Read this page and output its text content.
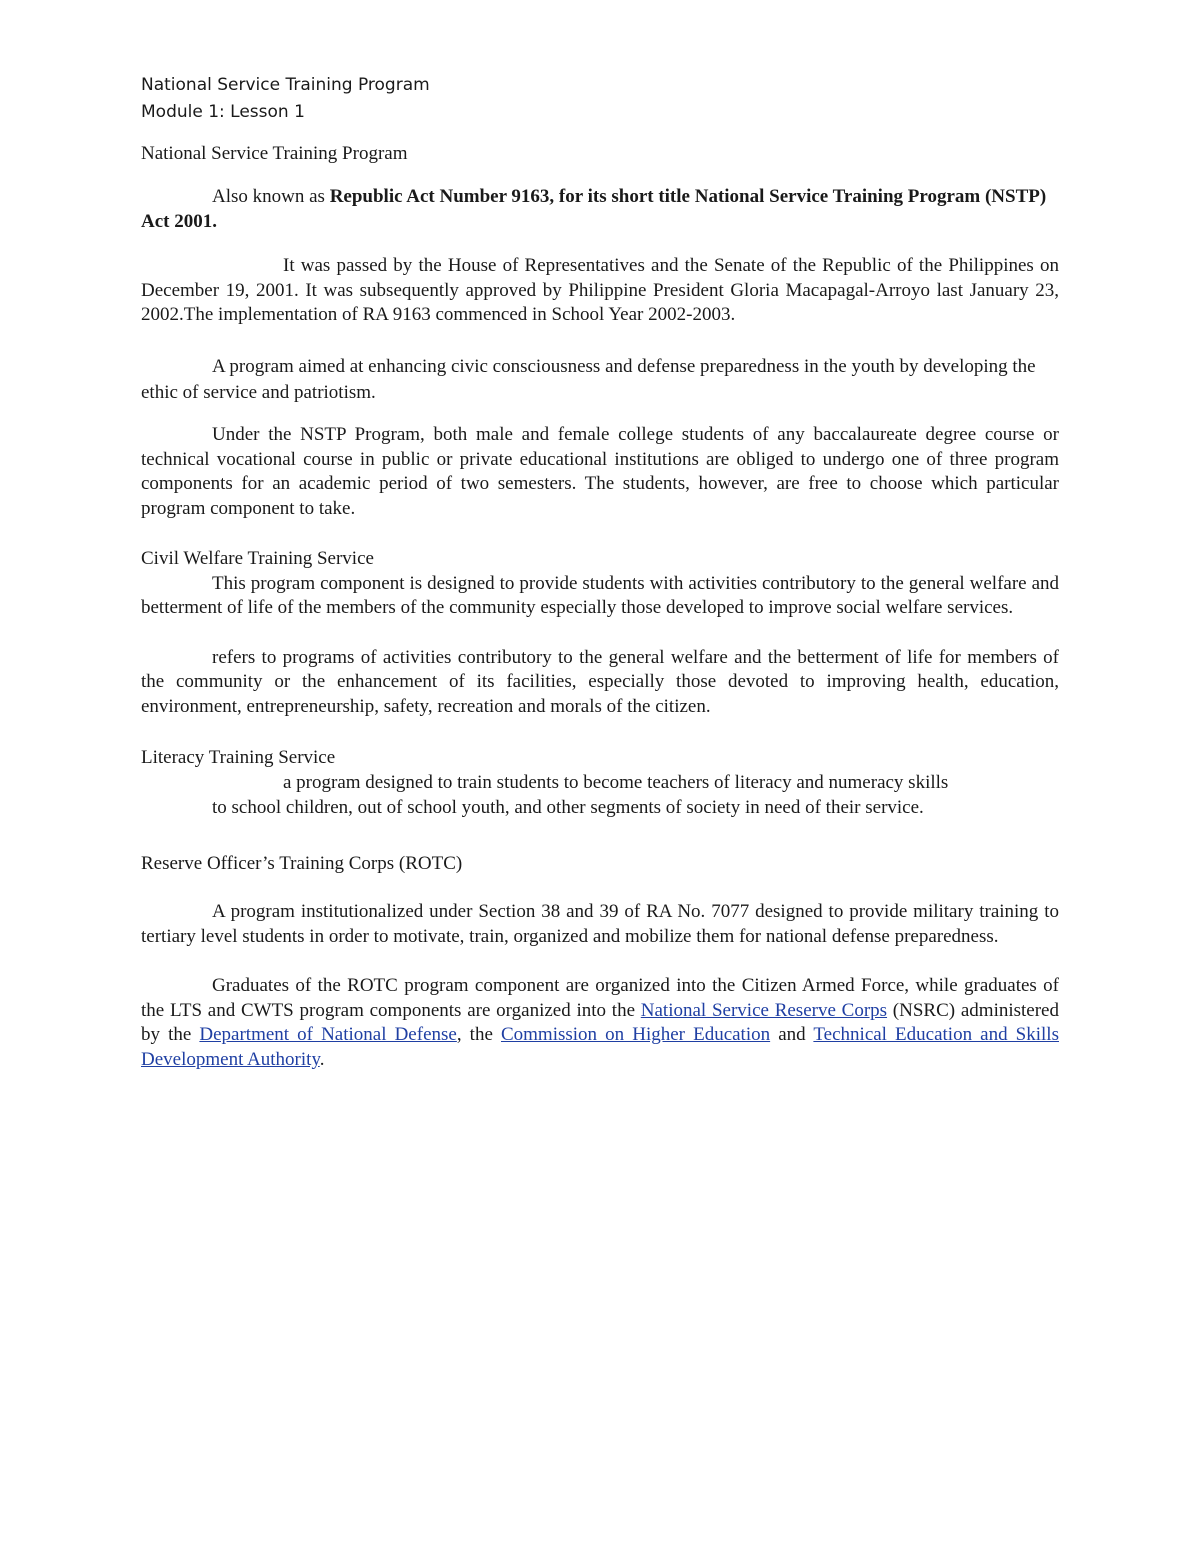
National Service Training Program

Module 1: Lesson 1

National Service Training Program

Also known as Republic Act Number 9163, for its short title National Service Training Program (NSTP) Act 2001.

It was passed by the House of Representatives and the Senate of the Republic of the Philippines on December 19, 2001. It was subsequently approved by Philippine President Gloria Macapagal-Arroyo last January 23, 2002.The implementation of RA 9163 commenced in School Year 2002-2003.

A program aimed at enhancing civic consciousness and defense preparedness in the youth by developing the ethic of service and patriotism.

Under the NSTP Program, both male and female college students of any baccalaureate degree course or technical vocational course in public or private educational institutions are obliged to undergo one of three program components for an academic period of two semesters. The students, however, are free to choose which particular program component to take.

Civil Welfare Training Service

This program component is designed to provide students with activities contributory to the general welfare and betterment of life of the members of the community especially those developed to improve social welfare services.

refers to programs of activities contributory to the general welfare and the betterment of life for members of the community or the enhancement of its facilities, especially those devoted to improving health, education, environment, entrepreneurship, safety, recreation and morals of the citizen.

Literacy Training Service

a program designed to train students to become teachers of literacy and numeracy skills
to school children, out of school youth, and other segments of society in need of their service.

Reserve Officer’s Training Corps (ROTC)

A program institutionalized under Section 38 and 39 of RA No. 7077 designed to provide military training to tertiary level students in order to motivate, train, organized and mobilize them for national defense preparedness.

Graduates of the ROTC program component are organized into the Citizen Armed Force, while graduates of the LTS and CWTS program components are organized into the National Service Reserve Corps (NSRC) administered by the Department of National Defense, the Commission on Higher Education and Technical Education and Skills Development Authority.
